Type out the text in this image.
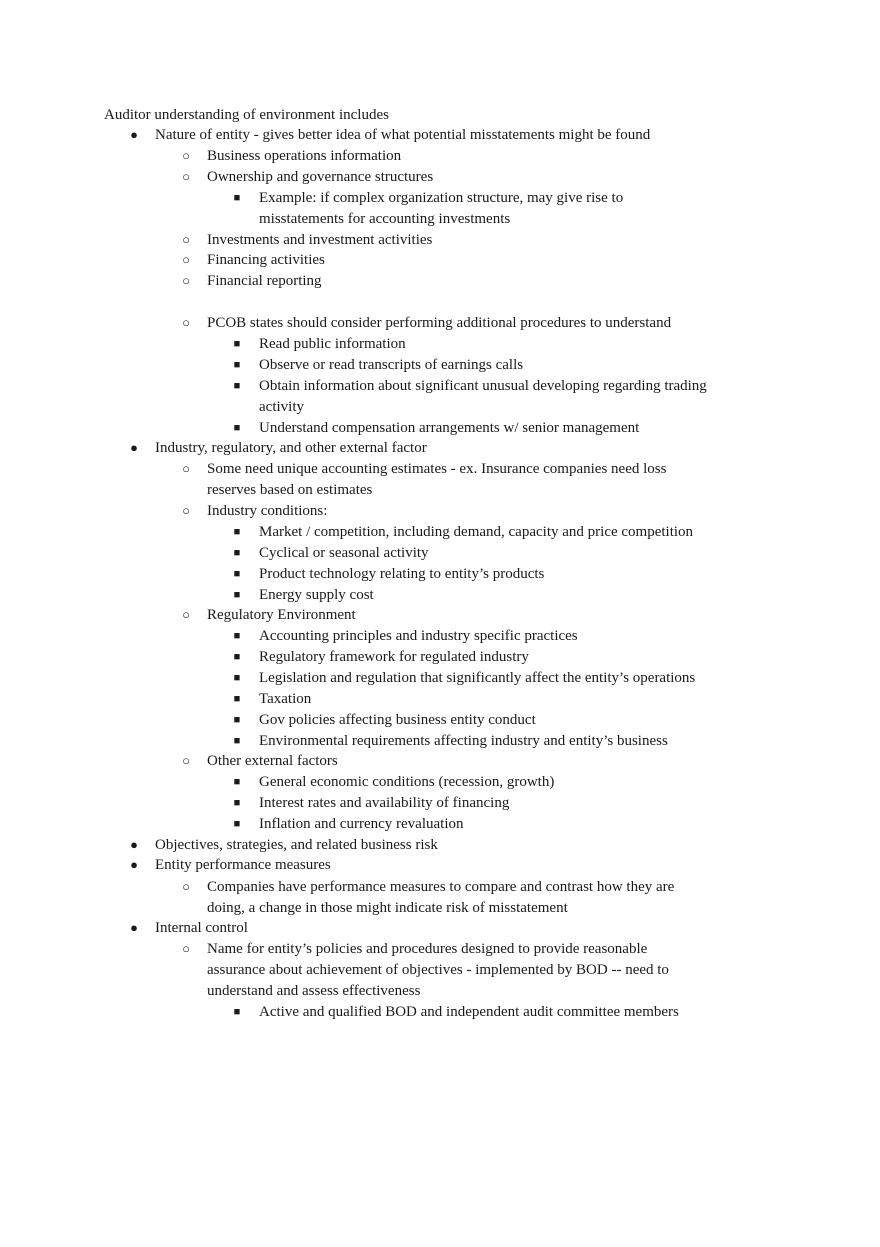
Auditor understanding of environment includes
● Nature of entity - gives better idea of what potential misstatements might be found
○ Business operations information
○ Ownership and governance structures
■ Example: if complex organization structure, may give rise to
misstatements for accounting investments
○ Investments and investment activities
○ Financing activities
○ Financial reporting
○ PCOB states should consider performing additional procedures to understand
■ Read public information
■ Observe or read transcripts of earnings calls
■ Obtain information about significant unusual developing regarding trading
activity
■ Understand compensation arrangements w/ senior management
● Industry, regulatory, and other external factor
○ Some need unique accounting estimates - ex. Insurance companies need loss
reserves based on estimates
○ Industry conditions:
■ Market / competition, including demand, capacity and price competition
■ Cyclical or seasonal activity
■ Product technology relating to entity’s products
■ Energy supply cost
○ Regulatory Environment
■ Accounting principles and industry specific practices
■ Regulatory framework for regulated industry
■ Legislation and regulation that significantly affect the entity’s operations
■ Taxation
■ Gov policies affecting business entity conduct
■ Environmental requirements affecting industry and entity’s business
○ Other external factors
■ General economic conditions (recession, growth)
■ Interest rates and availability of financing
■ Inflation and currency revaluation
● Objectives, strategies, and related business risk
● Entity performance measures
○ Companies have performance measures to compare and contrast how they are
doing, a change in those might indicate risk of misstatement
● Internal control
○ Name for entity’s policies and procedures designed to provide reasonable
assurance about achievement of objectives - implemented by BOD -- need to
understand and assess effectiveness
■ Active and qualified BOD and independent audit committee members
